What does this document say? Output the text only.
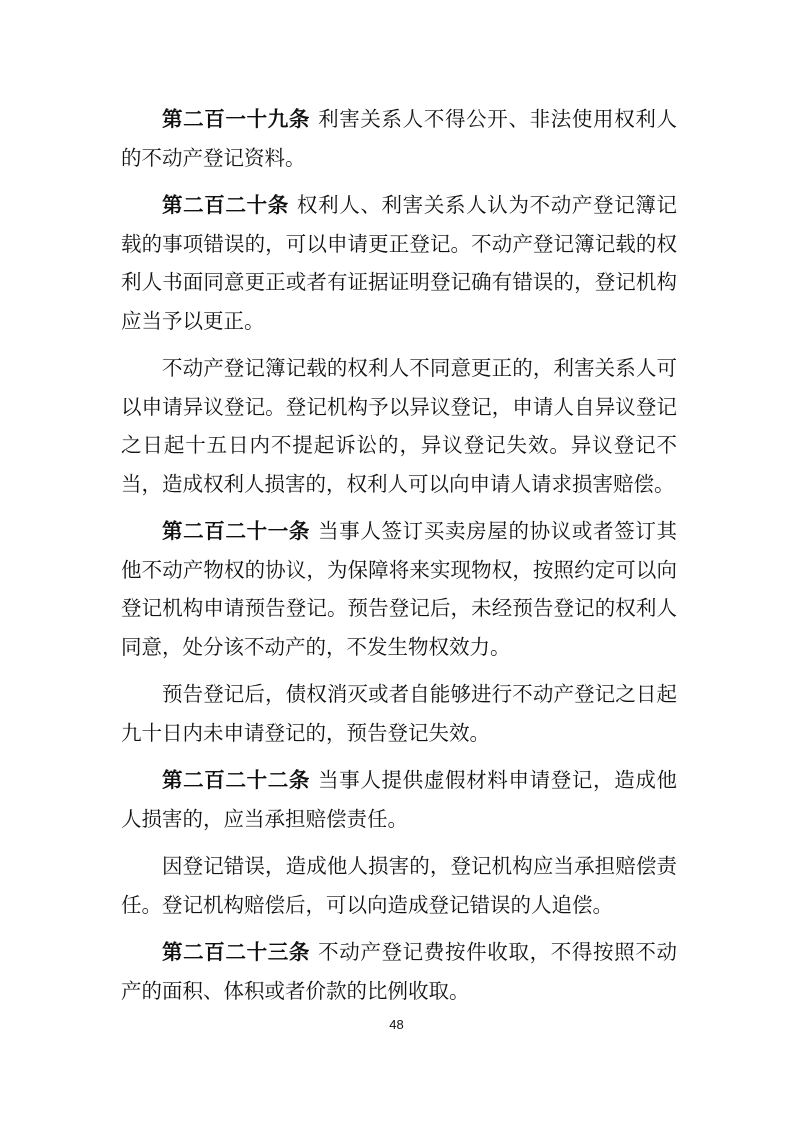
第二百一十九条 利害关系人不得公开、非法使用权利人的不动产登记资料。

第二百二十条 权利人、利害关系人认为不动产登记簿记载的事项错误的，可以申请更正登记。不动产登记簿记载的权利人书面同意更正或者有证据证明登记确有错误的，登记机构应当予以更正。

不动产登记簿记载的权利人不同意更正的，利害关系人可以申请异议登记。登记机构予以异议登记，申请人自异议登记之日起十五日内不提起诉讼的，异议登记失效。异议登记不当，造成权利人损害的，权利人可以向申请人请求损害赔偿。

第二百二十一条 当事人签订买卖房屋的协议或者签订其他不动产物权的协议，为保障将来实现物权，按照约定可以向登记机构申请预告登记。预告登记后，未经预告登记的权利人同意，处分该不动产的，不发生物权效力。

预告登记后，债权消灭或者自能够进行不动产登记之日起九十日内未申请登记的，预告登记失效。

第二百二十二条 当事人提供虚假材料申请登记，造成他人损害的，应当承担赔偿责任。

因登记错误，造成他人损害的，登记机构应当承担赔偿责任。登记机构赔偿后，可以向造成登记错误的人追偿。

第二百二十三条 不动产登记费按件收取，不得按照不动产的面积、体积或者价款的比例收取。

48
